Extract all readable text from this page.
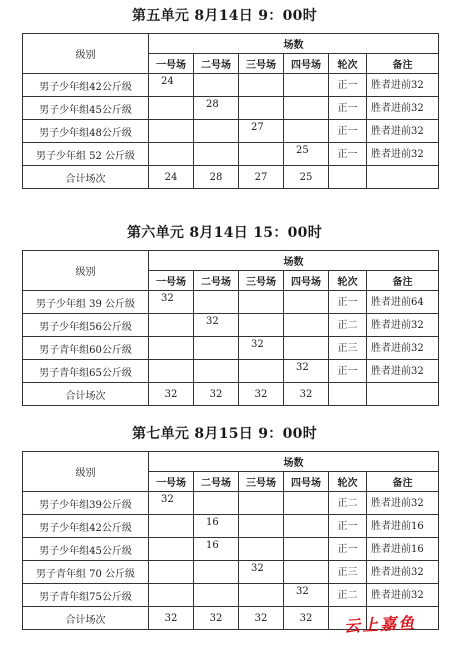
第五单元 8月14日 9：00时
级别	场数					
	一号场	二号场	三号场	四号场	轮次	备注
男子少年组42公斤级	24				正一	胜者进前32
男子少年组45公斤级		28			正一	胜者进前32
男子少年组48公斤级			27		正一	胜者进前32
男子少年组 52 公斤级				25	正一	胜者进前32
合计场次	24	28	27	25		
第六单元 8月14日 15：00时
级别	场数					
	一号场	二号场	三号场	四号场	轮次	备注
男子少年组 39 公斤级	32				正一	胜者进前64
男子少年组56公斤级		32			正二	胜者进前32
男子青年组60公斤级			32		正三	胜者进前32
男子青年组65公斤级				32	正一	胜者进前32
合计场次	32	32	32	32		
第七单元 8月15日 9：00时
级别	场数					
	一号场	二号场	三号场	四号场	轮次	备注
男子少年组39公斤级	32				正二	胜者进前32
男子少年组42公斤级		16			正一	胜者进前16
男子少年组45公斤级		16			正一	胜者进前16
男子青年组 70 公斤级			32		正三	胜者进前32
男子青年组75公斤级				32	正二	胜者进前32
合计场次	32	32	32	32		云上嘉鱼
